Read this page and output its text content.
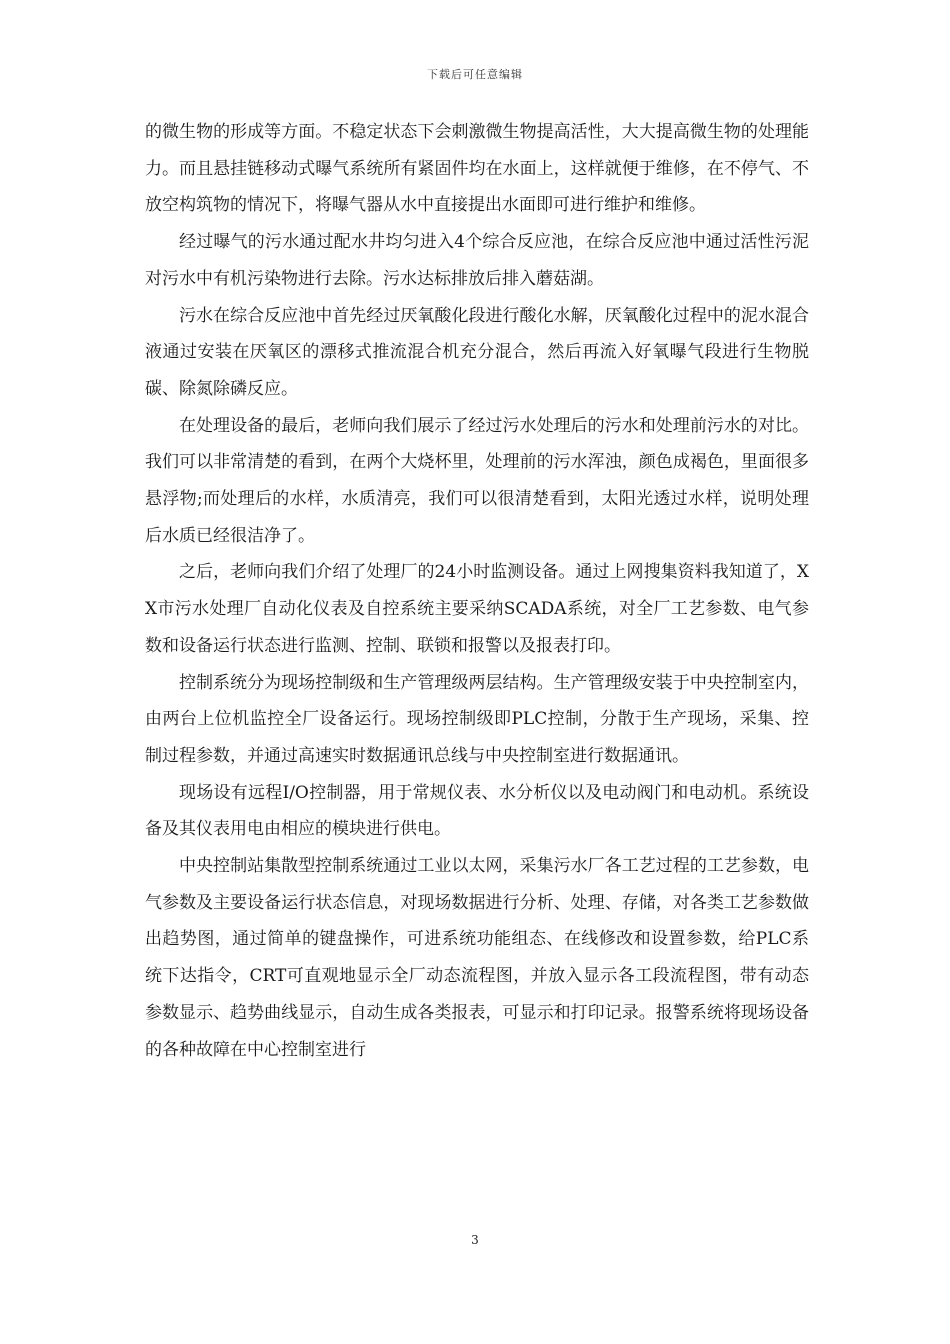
下载后可任意编辑

的微生物的形成等方面。不稳定状态下会刺激微生物提高活性，大大提高微生物的处理能力。而且悬挂链移动式曝气系统所有紧固件均在水面上，这样就便于维修，在不停气、不放空构筑物的情况下，将曝气器从水中直接提出水面即可进行维护和维修。

经过曝气的污水通过配水井均匀进入4个综合反应池，在综合反应池中通过活性污泥对污水中有机污染物进行去除。污水达标排放后排入蘑菇湖。

污水在综合反应池中首先经过厌氧酸化段进行酸化水解，厌氧酸化过程中的泥水混合液通过安装在厌氧区的漂移式推流混合机充分混合，然后再流入好氧曝气段进行生物脱碳、除氮除磷反应。

在处理设备的最后，老师向我们展示了经过污水处理后的污水和处理前污水的对比。我们可以非常清楚的看到，在两个大烧杯里，处理前的污水浑浊，颜色成褐色，里面很多悬浮物;而处理后的水样，水质清亮，我们可以很清楚看到，太阳光透过水样，说明处理后水质已经很洁净了。

之后，老师向我们介绍了处理厂的24小时监测设备。通过上网搜集资料我知道了，XX市污水处理厂自动化仪表及自控系统主要采纳SCADA系统，对全厂工艺参数、电气参数和设备运行状态进行监测、控制、联锁和报警以及报表打印。

控制系统分为现场控制级和生产管理级两层结构。生产管理级安装于中央控制室内，由两台上位机监控全厂设备运行。现场控制级即PLC控制，分散于生产现场，采集、控制过程参数，并通过高速实时数据通讯总线与中央控制室进行数据通讯。

现场设有远程I/O控制器，用于常规仪表、水分析仪以及电动阀门和电动机。系统设备及其仪表用电由相应的模块进行供电。

中央控制站集散型控制系统通过工业以太网，采集污水厂各工艺过程的工艺参数，电气参数及主要设备运行状态信息，对现场数据进行分析、处理、存储，对各类工艺参数做出趋势图，通过简单的键盘操作，可进系统功能组态、在线修改和设置参数，给PLC系统下达指令，CRT可直观地显示全厂动态流程图，并放入显示各工段流程图，带有动态参数显示、趋势曲线显示，自动生成各类报表，可显示和打印记录。报警系统将现场设备的各种故障在中心控制室进行

3
